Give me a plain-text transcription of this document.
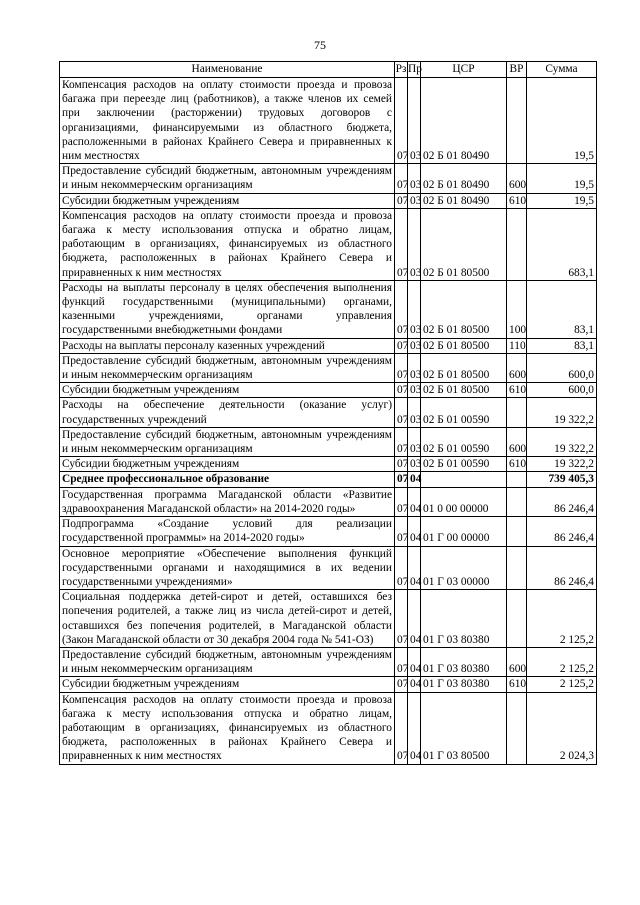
75
Наименование	Рз	Пр	ЦСР	ВР	Сумма
Компенсация расходов на оплату стоимости проезда и провоза багажа при переезде лиц (работников), а также членов их семей при заключении (расторжении) трудовых договоров с организациями, финансируемыми из областного бюджета, расположенными в районах Крайнего Севера и приравненных к ним местностях	07	03	02 Б 01 80490		19,5
Предоставление субсидий бюджетным, автономным учреждениям и иным некоммерческим организациям	07	03	02 Б 01 80490	600	19,5
Субсидии бюджетным учреждениям	07	03	02 Б 01 80490	610	19,5
Компенсация расходов на оплату стоимости проезда и провоза багажа к месту использования отпуска и обратно лицам, работающим в организациях, финансируемых из областного бюджета, расположенных в районах Крайнего Севера и приравненных к ним местностях	07	03	02 Б 01 80500		683,1
Расходы на выплаты персоналу в целях обеспечения выполнения функций государственными (муниципальными) органами, казенными учреждениями, органами управления государственными внебюджетными фондами	07	03	02 Б 01 80500	100	83,1
Расходы на выплаты персоналу казенных учреждений	07	03	02 Б 01 80500	110	83,1
Предоставление субсидий бюджетным, автономным учреждениям и иным некоммерческим организациям	07	03	02 Б 01 80500	600	600,0
Субсидии бюджетным учреждениям	07	03	02 Б 01 80500	610	600,0
Расходы на обеспечение деятельности (оказание услуг) государственных учреждений	07	03	02 Б 01 00590		19 322,2
Предоставление субсидий бюджетным, автономным учреждениям и иным некоммерческим организациям	07	03	02 Б 01 00590	600	19 322,2
Субсидии бюджетным учреждениям	07	03	02 Б 01 00590	610	19 322,2
Среднее профессиональное образование	07	04			739 405,3
Государственная программа Магаданской области «Развитие здравоохранения Магаданской области» на 2014-2020 годы»	07	04	01 0 00 00000		86 246,4
Подпрограмма «Создание условий для реализации государственной программы» на 2014-2020 годы»	07	04	01 Г 00 00000		86 246,4
Основное мероприятие «Обеспечение выполнения функций государственными органами и находящимися в их ведении государственными учреждениями»	07	04	01 Г 03 00000		86 246,4
Социальная поддержка детей-сирот и детей, оставшихся без попечения родителей, а также лиц из числа детей-сирот и детей, оставшихся без попечения родителей, в Магаданской области (Закон Магаданской области от 30 декабря 2004 года № 541-ОЗ)	07	04	01 Г 03 80380		2 125,2
Предоставление субсидий бюджетным, автономным учреждениям и иным некоммерческим организациям	07	04	01 Г 03 80380	600	2 125,2
Субсидии бюджетным учреждениям	07	04	01 Г 03 80380	610	2 125,2
Компенсация расходов на оплату стоимости проезда и провоза багажа к месту использования отпуска и обратно лицам, работающим в организациях, финансируемых из областного бюджета, расположенных в районах Крайнего Севера и приравненных к ним местностях	07	04	01 Г 03 80500		2 024,3
